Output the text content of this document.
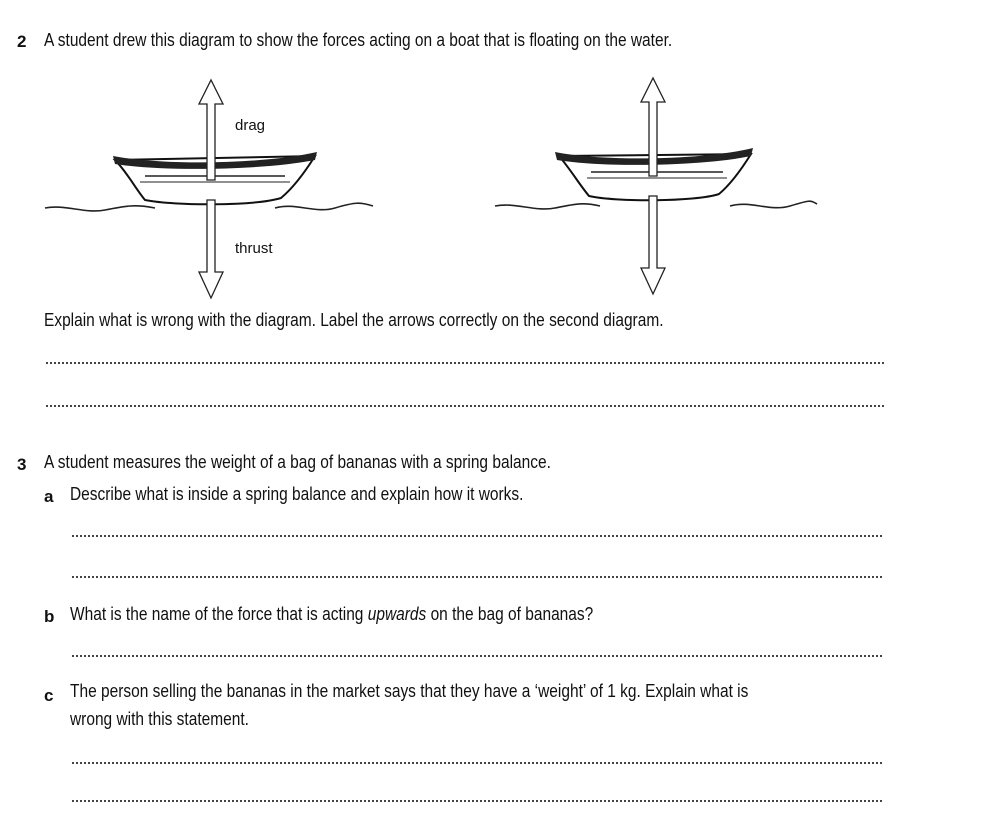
2 A student drew this diagram to show the forces acting on a boat that is floating on the water.
drag
thrust
Explain what is wrong with the diagram. Label the arrows correctly on the second diagram.
3 A student measures the weight of a bag of bananas with a spring balance.
a Describe what is inside a spring balance and explain how it works.
b What is the name of the force that is acting upwards on the bag of bananas?
c The person selling the bananas in the market says that they have a ‘weight’ of 1 kg. Explain what is
wrong with this statement.
